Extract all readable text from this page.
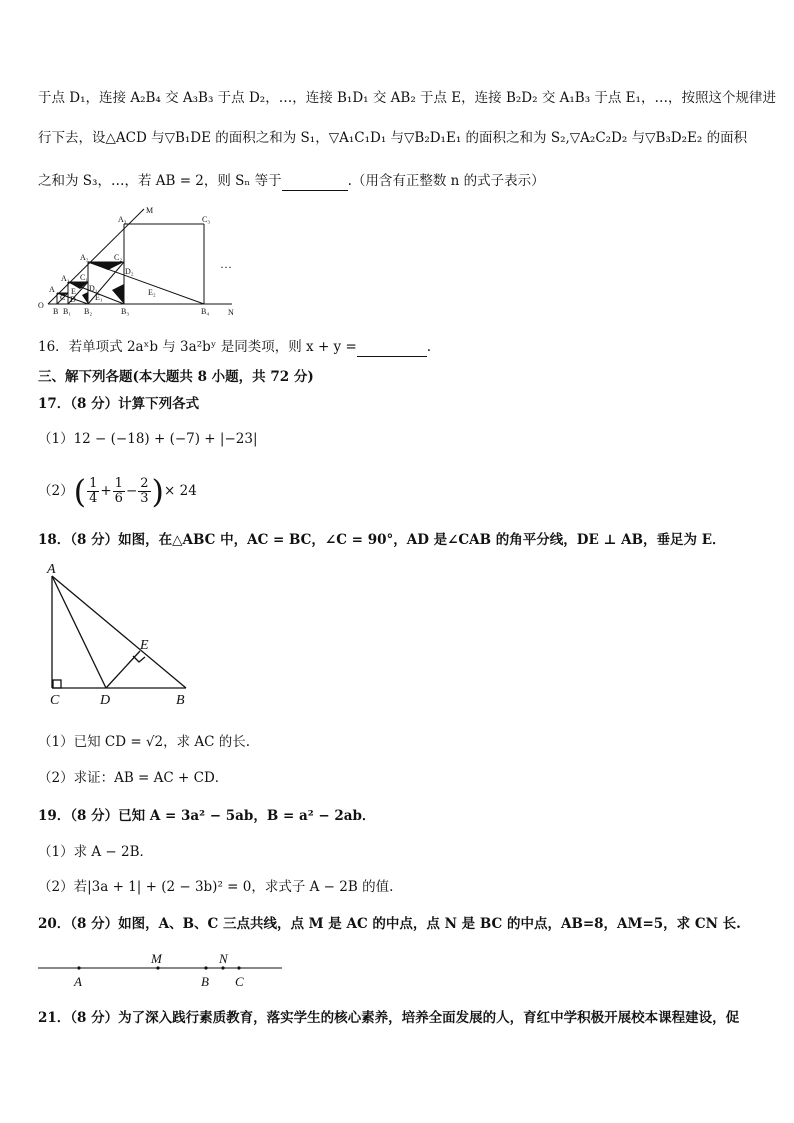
于点 D₁，连接 A₂B₄ 交 A₃B₃ 于点 D₂，…，连接 B₁D₁ 交 AB₂ 于点 E，连接 B₂D₂ 交 A₁B₃ 于点 E₁，…，按照这个规律进
行下去，设△ACD 与▽B₁DE 的面积之和为 S₁，▽A₁C₁D₁ 与▽B₂D₁E₁ 的面积之和为 S₂,▽A₂C₂D₂ 与▽B₃D₂E₂ 的面积
之和为 S₃，…，若 AB = 2，则 Sₙ 等于	.（用含有正整数 n 的式子表示）
O
A
A₁
A₂
A₃
B B₁ B₂	B₃	B₄
C
C₁
C₂
C₃
D
D₁
D₂
E
E₁
E₂
M
N
…
16．若单项式 2aˣb 与 3a²bʸ 是同类项，则 x + y =	.
三、解下列各题(本大题共 8 小题，共 72 分)
17．（8 分）计算下列各式
（1）12 − (−18) + (−7) + |−23|
$(2)( \frac{1}{4} + \frac{1}{6} - \frac{2}{3}$ )× 24
18．（8 分）如图，在△ABC 中，AC = BC，∠C = 90°，AD 是∠CAB 的角平分线，DE ⊥ AB，垂足为 E．
A
B
C	D
E
（1）已知 CD = √2，求 AC 的长.
（2）求证：AB = AC + CD．
19．（8 分）已知 A = 3a² − 5ab，B = a² − 2ab．
（1）求 A − 2B．
（2）若|3a + 1| + (2 − 3b)² = 0，求式子 A − 2B 的值.
20．（8 分）如图，A、B、C 三点共线，点 M 是 AC 的中点，点 N 是 BC 的中点，AB=8，AM=5，求 CN 长.
A
M
B
N
C
21．（8 分）为了深入践行素质教育，落实学生的核心素养，培养全面发展的人，育红中学积极开展校本课程建设，促
